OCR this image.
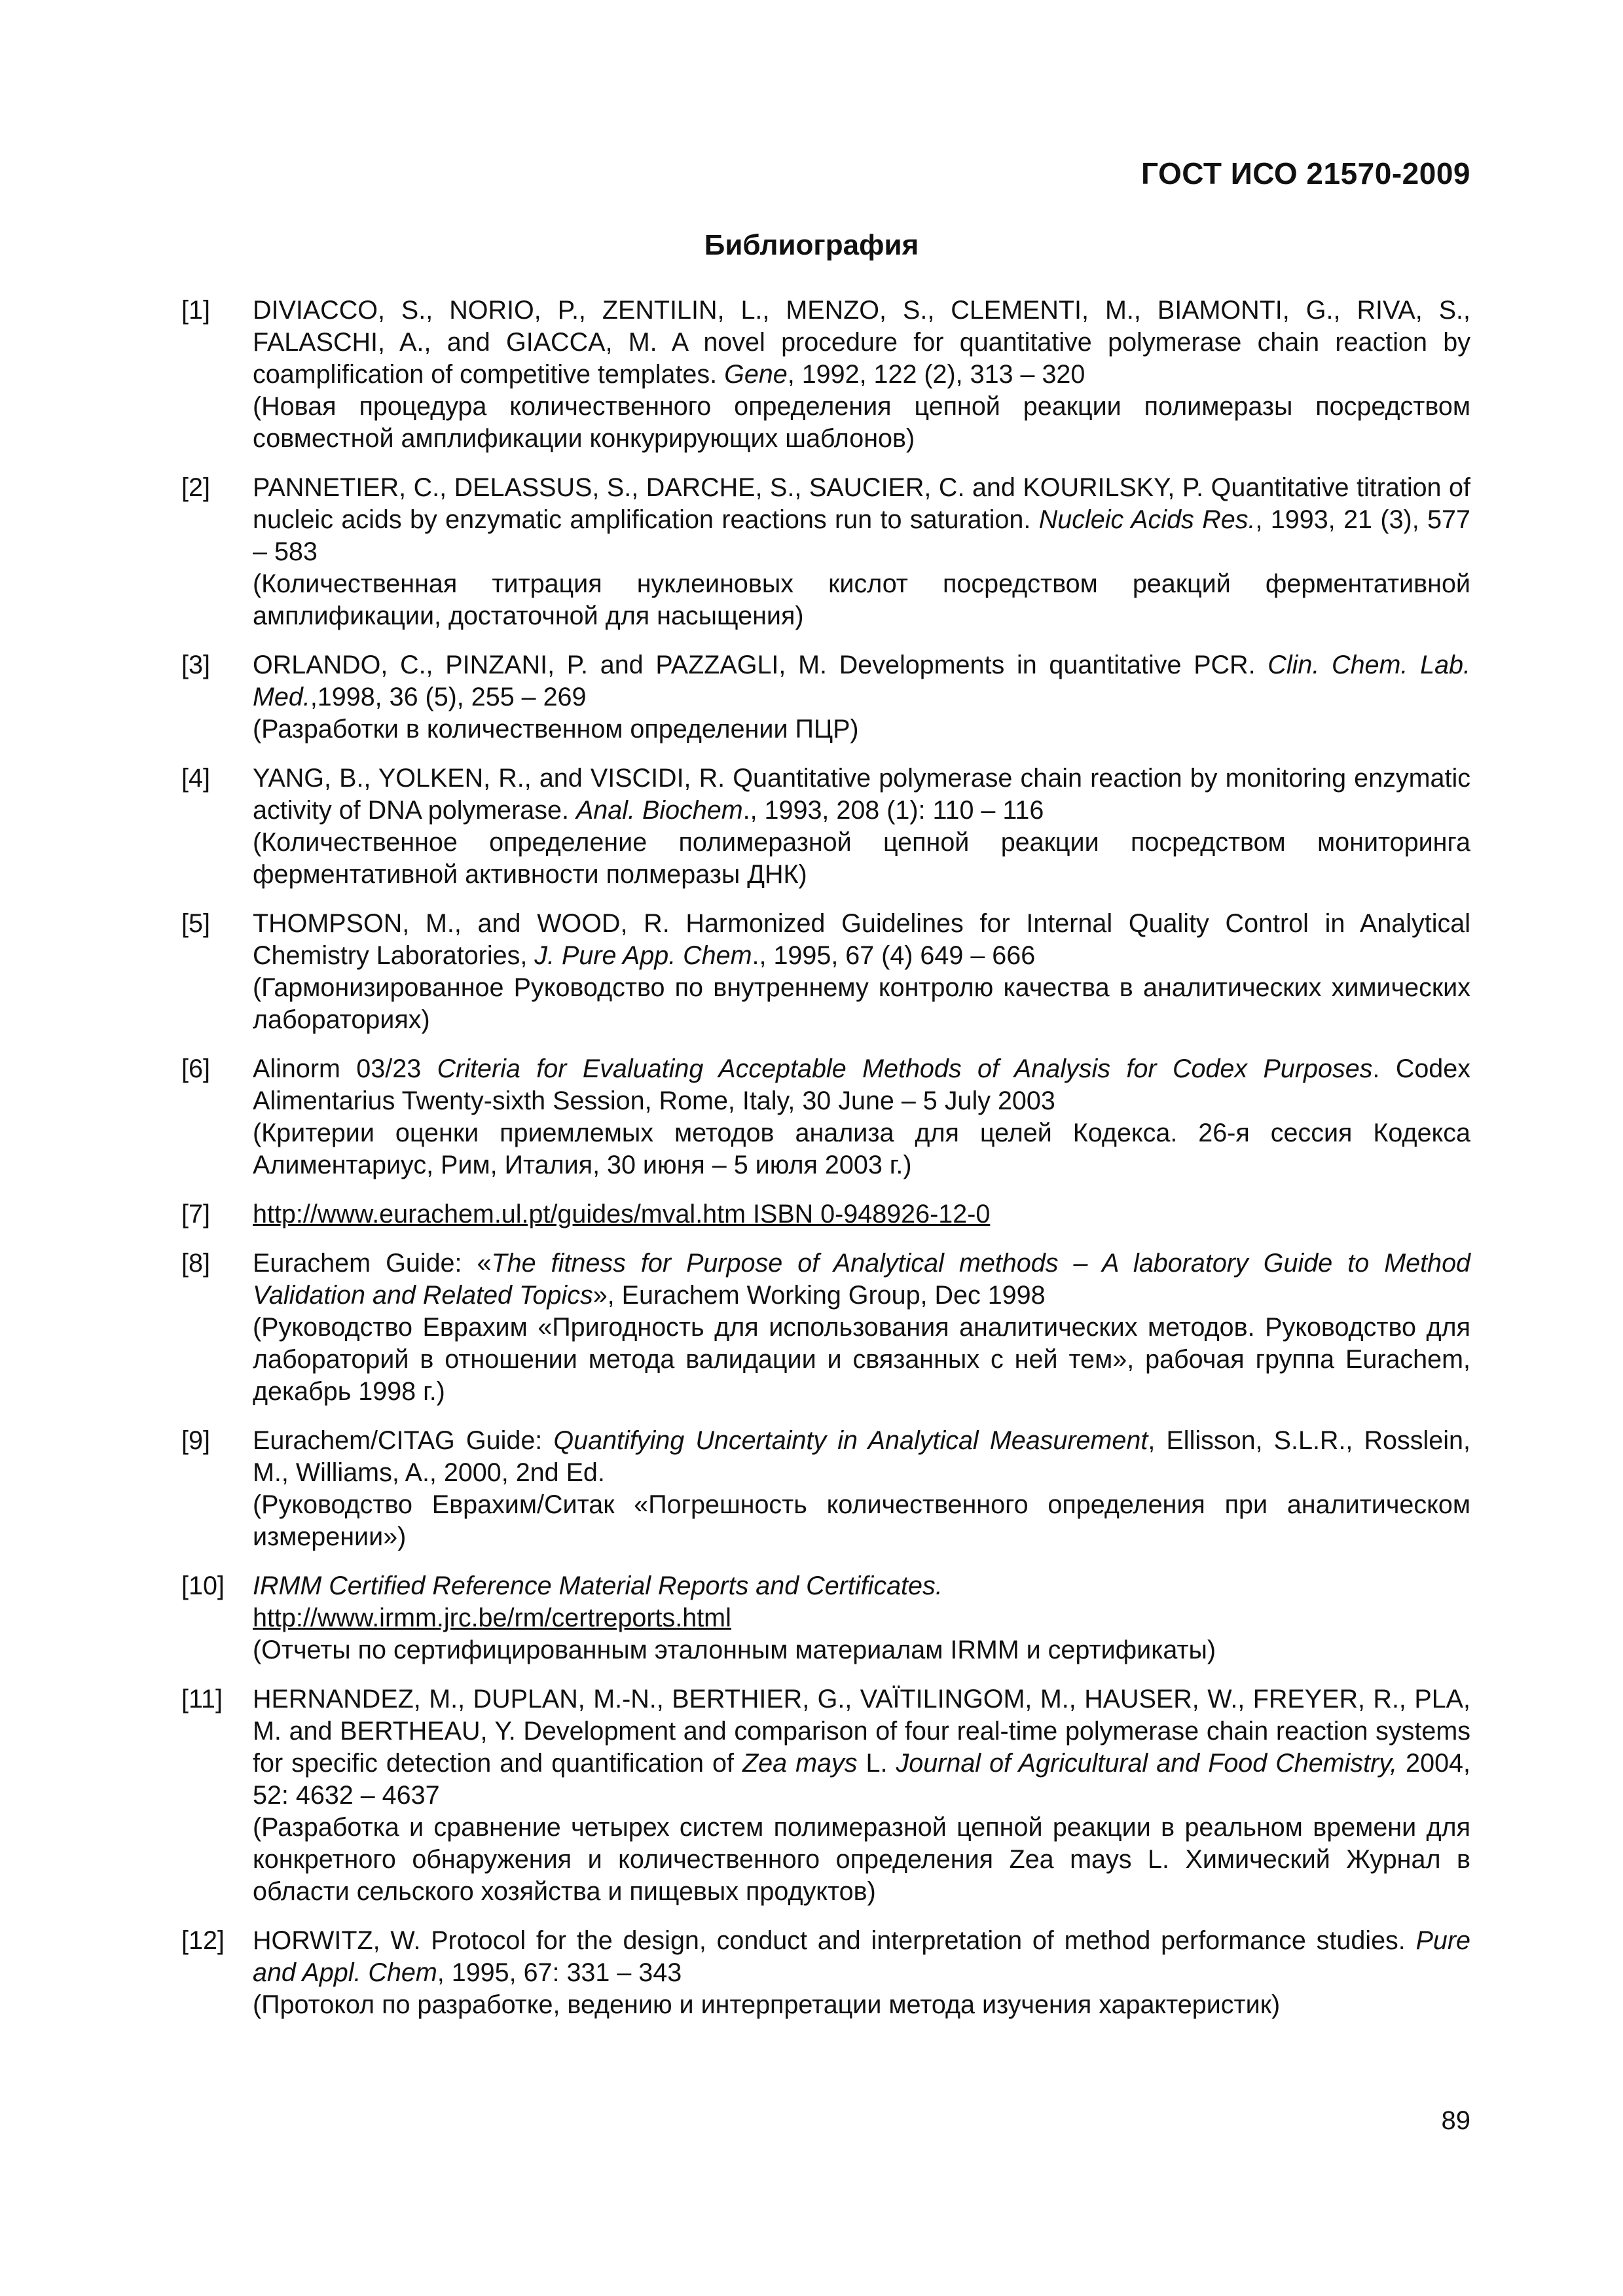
ГОСТ ИСО 21570-2009
Библиография
[1]	DIVIACCO, S., NORIO, P., ZENTILIN, L., MENZO, S., CLEMENTI, M., BIAMONTI, G., RIVA, S., FALASCHI, A., and GIACCA, M. A novel procedure for quantitative polymerase chain reaction by coamplification of competitive templates. Gene, 1992, 122 (2), 313 – 320

(Новая процедура количественного определения цепной реакции полимеразы посредством совместной амплификации конкурирующих шаблонов)

[2]	PANNETIER, C., DELASSUS, S., DARCHE, S., SAUCIER, C. and KOURILSKY, P. Quantitative titration of nucleic acids by enzymatic amplification reactions run to saturation. Nucleic Acids Res., 1993, 21 (3), 577 – 583

(Количественная титрация нуклеиновых кислот посредством реакций ферментативной амплификации, достаточной для насыщения)

[3]	ORLANDO, C., PINZANI, P. and PAZZAGLI, M. Developments in quantitative PCR. Clin. Chem. Lab. Med.,1998, 36 (5), 255 – 269

(Разработки в количественном определении ПЦР)

[4]	YANG, B., YOLKEN, R., and VISCIDI, R. Quantitative polymerase chain reaction by monitoring enzymatic activity of DNA polymerase. Anal. Biochem., 1993, 208 (1): 110 – 116

(Количественное определение полимеразной цепной реакции посредством мониторинга ферментативной активности полмеразы ДНК)

[5]	THOMPSON, M., and WOOD, R. Harmonized Guidelines for Internal Quality Control in Analytical Chemistry Laboratories, J. Pure App. Chem., 1995, 67 (4) 649 – 666

(Гармонизированное Руководство по внутреннему контролю качества в аналитических химических лабораториях)

[6]	Alinorm 03/23 Criteria for Evaluating Acceptable Methods of Analysis for Codex Purposes. Codex Alimentarius Twenty-sixth Session, Rome, Italy, 30 June – 5 July 2003

(Критерии оценки приемлемых методов анализа для целей Кодекса. 26-я сессия Кодекса Алиментариус, Рим, Италия, 30 июня – 5 июля 2003 г.)

[7]	http://www.eurachem.ul.pt/guides/mval.htm ISBN 0-948926-12-0

[8]	Eurachem Guide: «The fitness for Purpose of Analytical methods – A laboratory Guide to Method Validation and Related Topics», Eurachem Working Group, Dec 1998

(Руководство Еврахим «Пригодность для использования аналитических методов. Руководство для лабораторий в отношении метода валидации и связанных с ней тем», рабочая группа Eurachem, декабрь 1998 г.)

[9]	Eurachem/CITAG Guide: Quantifying Uncertainty in Analytical Measurement, Ellisson, S.L.R., Rosslein, M., Williams, A., 2000, 2nd Ed.

(Руководство Еврахим/Ситак «Погрешность количественного определения при аналитическом измерении»)

[10]	IRMM Certified Reference Material Reports and Certificates.

http://www.irmm.jrc.be/rm/certreports.html

(Отчеты по сертифицированным эталонным материалам IRMM и сертификаты)

[11]	HERNANDEZ, M., DUPLAN, M.-N., BERTHIER, G., VAÏTILINGOM, M., HAUSER, W., FREYER, R., PLA, M. and BERTHEAU, Y. Development and comparison of four real-time polymerase chain reaction systems for specific detection and quantification of Zea mays L. Journal of Agricultural and Food Chemistry, 2004, 52: 4632 – 4637

(Разработка и сравнение четырех систем полимеразной цепной реакции в реальном времени для конкретного обнаружения и количественного определения Zea mays L. Химический Журнал в области сельского хозяйства и пищевых продуктов)

[12]	HORWITZ, W. Protocol for the design, conduct and interpretation of method performance studies. Pure and Appl. Chem, 1995, 67: 331 – 343

(Протокол по разработке, ведению и интерпретации метода изучения характеристик)

89
